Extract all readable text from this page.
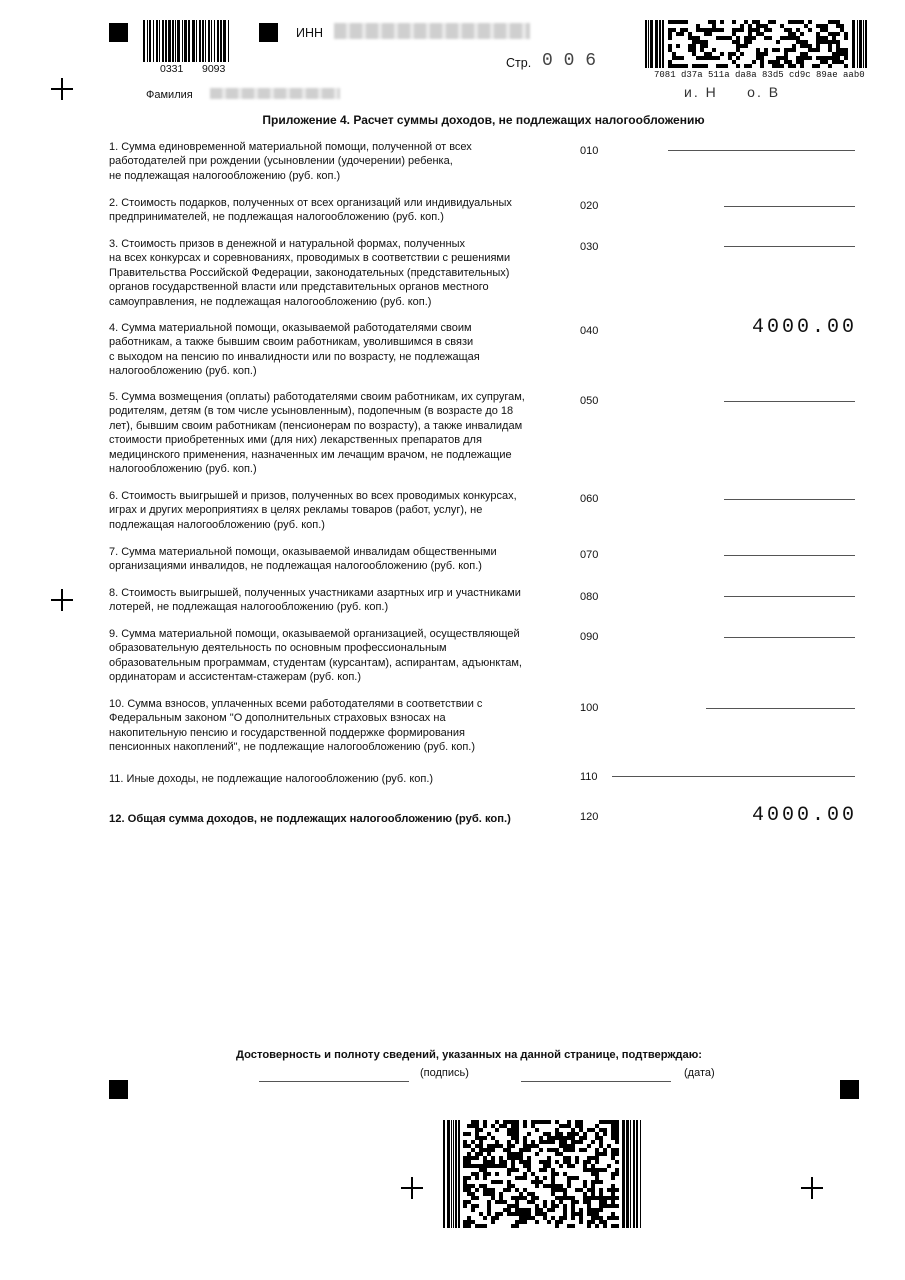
0331 9093
ИНН
Стр. 0 0 6
7081 d37a 511a da8a 83d5 cd9c 89ae aab0
и. Н     о. В
Фамилия
Приложение 4. Расчет суммы доходов, не подлежащих налогообложению
1. Сумма единовременной материальной помощи, полученной от всех
работодателей при рождении (усыновлении (удочерении) ребенка,
не подлежащая налогообложению (руб. коп.)
010
2. Стоимость подарков, полученных от всех организаций или индивидуальных
предпринимателей, не подлежащая налогообложению (руб. коп.)
020
3. Стоимость призов в денежной и натуральной формах, полученных
на всех конкурсах и соревнованиях, проводимых в соответствии с решениями
Правительства Российской Федерации, законодательных (представительных)
органов государственной власти или представительных органов местного
самоуправления, не подлежащая налогообложению (руб. коп.)
030
4. Сумма материальной помощи, оказываемой работодателями своим
работникам, а также бывшим своим работникам, уволившимся в связи
с выходом на пенсию по инвалидности или по возрасту, не подлежащая
налогообложению (руб. коп.)
040	4000.00
5. Сумма возмещения (оплаты) работодателями своим работникам, их супругам,
родителям, детям (в том числе усыновленным), подопечным (в возрасте до 18
лет), бывшим своим работникам (пенсионерам по возрасту), а также инвалидам
стоимости приобретенных ими (для них) лекарственных препаратов для
медицинского применения, назначенных им лечащим врачом, не подлежащие
налогообложению (руб. коп.)
050
6. Стоимость выигрышей и призов, полученных во всех проводимых конкурсах,
играх и других мероприятиях в целях рекламы товаров (работ, услуг), не
подлежащая налогообложению (руб. коп.)
060
7. Сумма материальной помощи, оказываемой инвалидам общественными
организациями инвалидов, не подлежащая налогообложению (руб. коп.)
070
8. Стоимость выигрышей, полученных участниками азартных игр и участниками
лотерей, не подлежащая налогообложению (руб. коп.)
080
9. Сумма материальной помощи, оказываемой организацией, осуществляющей
образовательную деятельность по основным профессиональным
образовательным программам, студентам (курсантам), аспирантам, адъюнктам,
ординаторам и ассистентам-стажерам (руб. коп.)
090
10. Сумма взносов, уплаченных всеми работодателями в соответствии с
Федеральным законом "О дополнительных страховых взносах на
накопительную пенсию и государственной поддержке формирования
пенсионных накоплений", не подлежащие налогообложению (руб. коп.)
100
11. Иные доходы, не подлежащие налогообложению (руб. коп.)	110
12. Общая сумма доходов, не подлежащих налогообложению (руб. коп.)	120	4000.00
Достоверность и полноту сведений, указанных на данной странице, подтверждаю:
(подпись)	(дата)
